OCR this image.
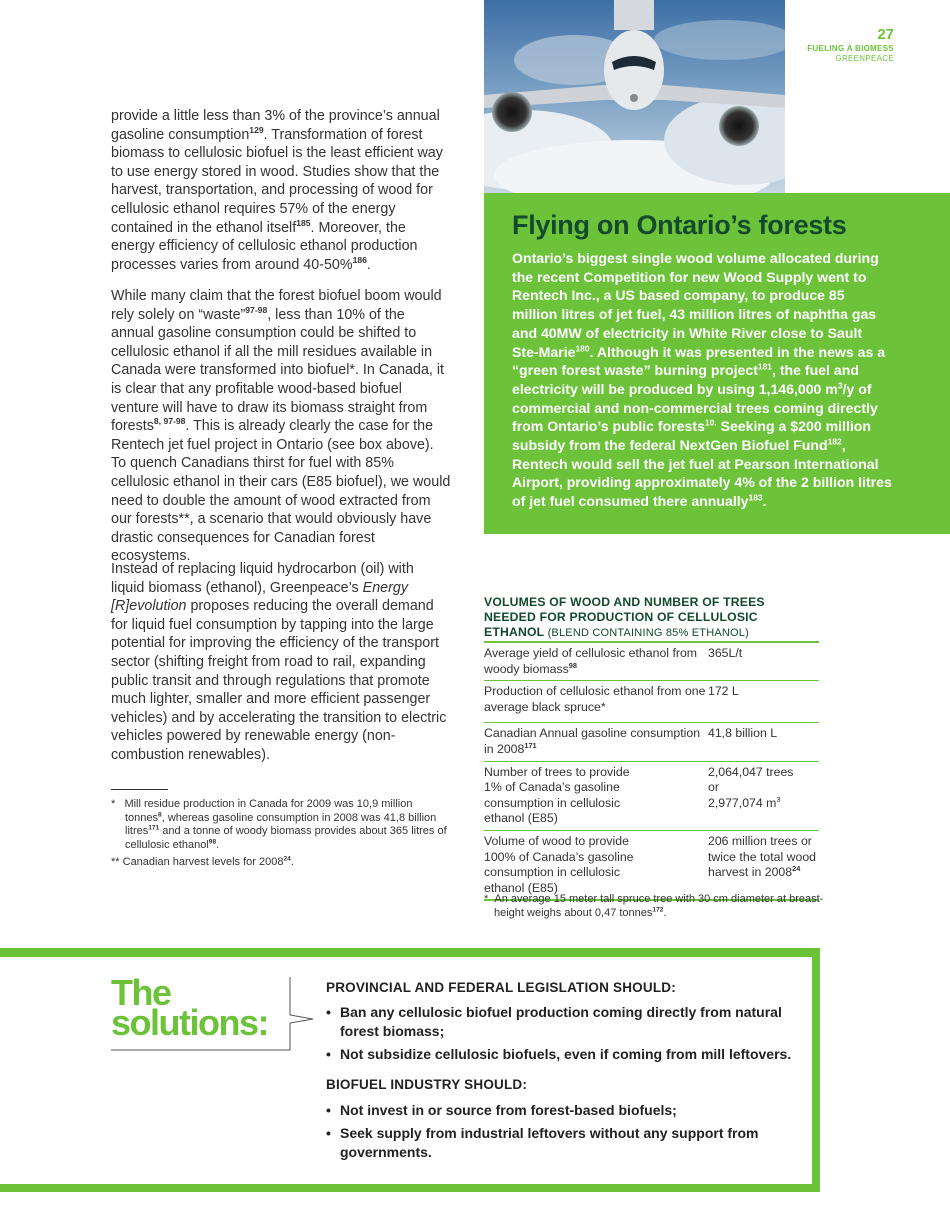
27
FUELING A BIOMESS
GREENPEACE

provide a little less than 3% of the province’s annual gasoline consumption$^{129}$. Transformation of forest biomass to cellulosic biofuel is the least efficient way to use energy stored in wood. Studies show that the harvest, transportation, and processing of wood for cellulosic ethanol requires 57% of the energy contained in the ethanol itself$^{185}$. Moreover, the energy efficiency of cellulosic ethanol production processes varies from around 40-50%$^{186}$.

While many claim that the forest biofuel boom would rely solely on “waste”$^{97-98}$, less than 10% of the annual gasoline consumption could be shifted to cellulosic ethanol if all the mill residues available in Canada were transformed into biofuel*. In Canada, it is clear that any profitable wood-based biofuel venture will have to draw its biomass straight from forests$^{8, 97-98}$. This is already clearly the case for the Rentech jet fuel project in Ontario (see box above). To quench Canadians thirst for fuel with 85% cellulosic ethanol in their cars (E85 biofuel), we would need to double the amount of wood extracted from our forests**, a scenario that would obviously have drastic consequences for Canadian forest ecosystems.

Instead of replacing liquid hydrocarbon (oil) with liquid biomass (ethanol), Greenpeace’s Energy [R]evolution proposes reducing the overall demand for liquid fuel consumption by tapping into the large potential for improving the efficiency of the transport sector (shifting freight from road to rail, expanding public transit and through regulations that promote much lighter, smaller and more efficient passenger vehicles) and by accelerating the transition to electric vehicles powered by renewable energy (non-combustion renewables).

* Mill residue production in Canada for 2009 was 10,9 million tonnes$^8$, whereas gasoline consumption in 2008 was 41,8 billion litres$^{171}$ and a tonne of woody biomass provides about 365 litres of cellulosic ethanol$^{98}$.
** Canadian harvest levels for 2008$^{24}$.
Flying on Ontario’s forests

Ontario’s biggest single wood volume allocated during the recent Competition for new Wood Supply went to Rentech Inc., a US based company, to produce 85 million litres of jet fuel, 43 million litres of naphtha gas and 40MW of electricity in White River close to Sault Ste-Marie$^{180}$. Although it was presented in the news as a “green forest waste” burning project$^{181}$, the fuel and electricity will be produced by using 1,146,000 $m^3/y$ of commercial and non-commercial trees coming directly from Ontario’s public forests$^{10.}$ Seeking a $200 million subsidy from the federal NextGen Biofuel Fund$^{182}$, Rentech would sell the jet fuel at Pearson International Airport, providing approximately 4% of the 2 billion litres of jet fuel consumed there annually$^{183}$.

VOLUMES OF WOOD AND NUMBER OF TREES NEEDED FOR PRODUCTION OF CELLULOSIC ETHANOL (BLEND CONTAINING 85% ETHANOL)
Average yield of cellulosic ethanol from woody biomass$^{98}$
365L/t
Production of cellulosic ethanol from one average black spruce*
172 L
Canadian Annual gasoline consumption in 2008$^{171}$
41,8 billion L
Number of trees to provide 1% of Canada’s gasoline consumption in cellulosic ethanol (E85)
2,064,047 trees
or
2,977,074 $m^3$
Volume of wood to provide 100% of Canada’s gasoline consumption in cellulosic ethanol (E85)
206 million trees or twice the total wood harvest in 2008$^{24}$
* An average 15 meter tall spruce tree with 30 cm diameter at breast-height weighs about 0,47 tonnes$^{172}$.
The
solutions:
PROVINCIAL AND FEDERAL LEGISLATION SHOULD:
• Ban any cellulosic biofuel production coming directly from natural forest biomass;
• Not subsidize cellulosic biofuels, even if coming from mill leftovers.
BIOFUEL INDUSTRY SHOULD:
• Not invest in or source from forest-based biofuels;
• Seek supply from industrial leftovers without any support from governments.
